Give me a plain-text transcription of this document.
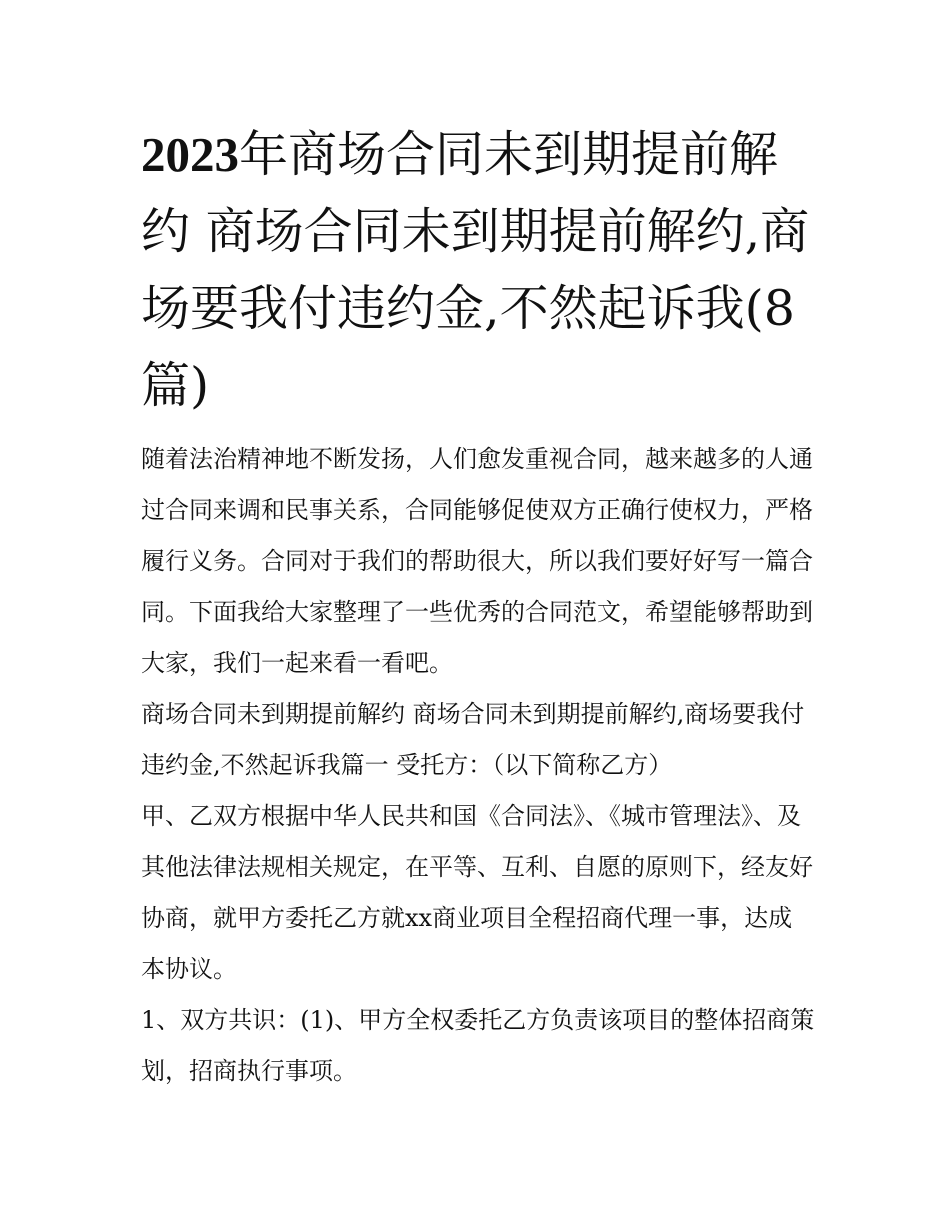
2023年商场合同未到期提前解约 商场合同未到期提前解约,商场要我付违约金,不然起诉我(8篇)

随着法治精神地不断发扬，人们愈发重视合同，越来越多的人通过合同来调和民事关系，合同能够促使双方正确行使权力，严格履行义务。合同对于我们的帮助很大，所以我们要好好写一篇合同。下面我给大家整理了一些优秀的合同范文，希望能够帮助到大家，我们一起来看一看吧。

商场合同未到期提前解约 商场合同未到期提前解约,商场要我付违约金,不然起诉我篇一 受托方：（以下简称乙方）

甲、乙双方根据中华人民共和国《合同法》、《城市管理法》、及其他法律法规相关规定，在平等、互利、自愿的原则下，经友好协商，就甲方委托乙方就xx商业项目全程招商代理一事，达成本协议。

1、双方共识：(1)、甲方全权委托乙方负责该项目的整体招商策划，招商执行事项。
